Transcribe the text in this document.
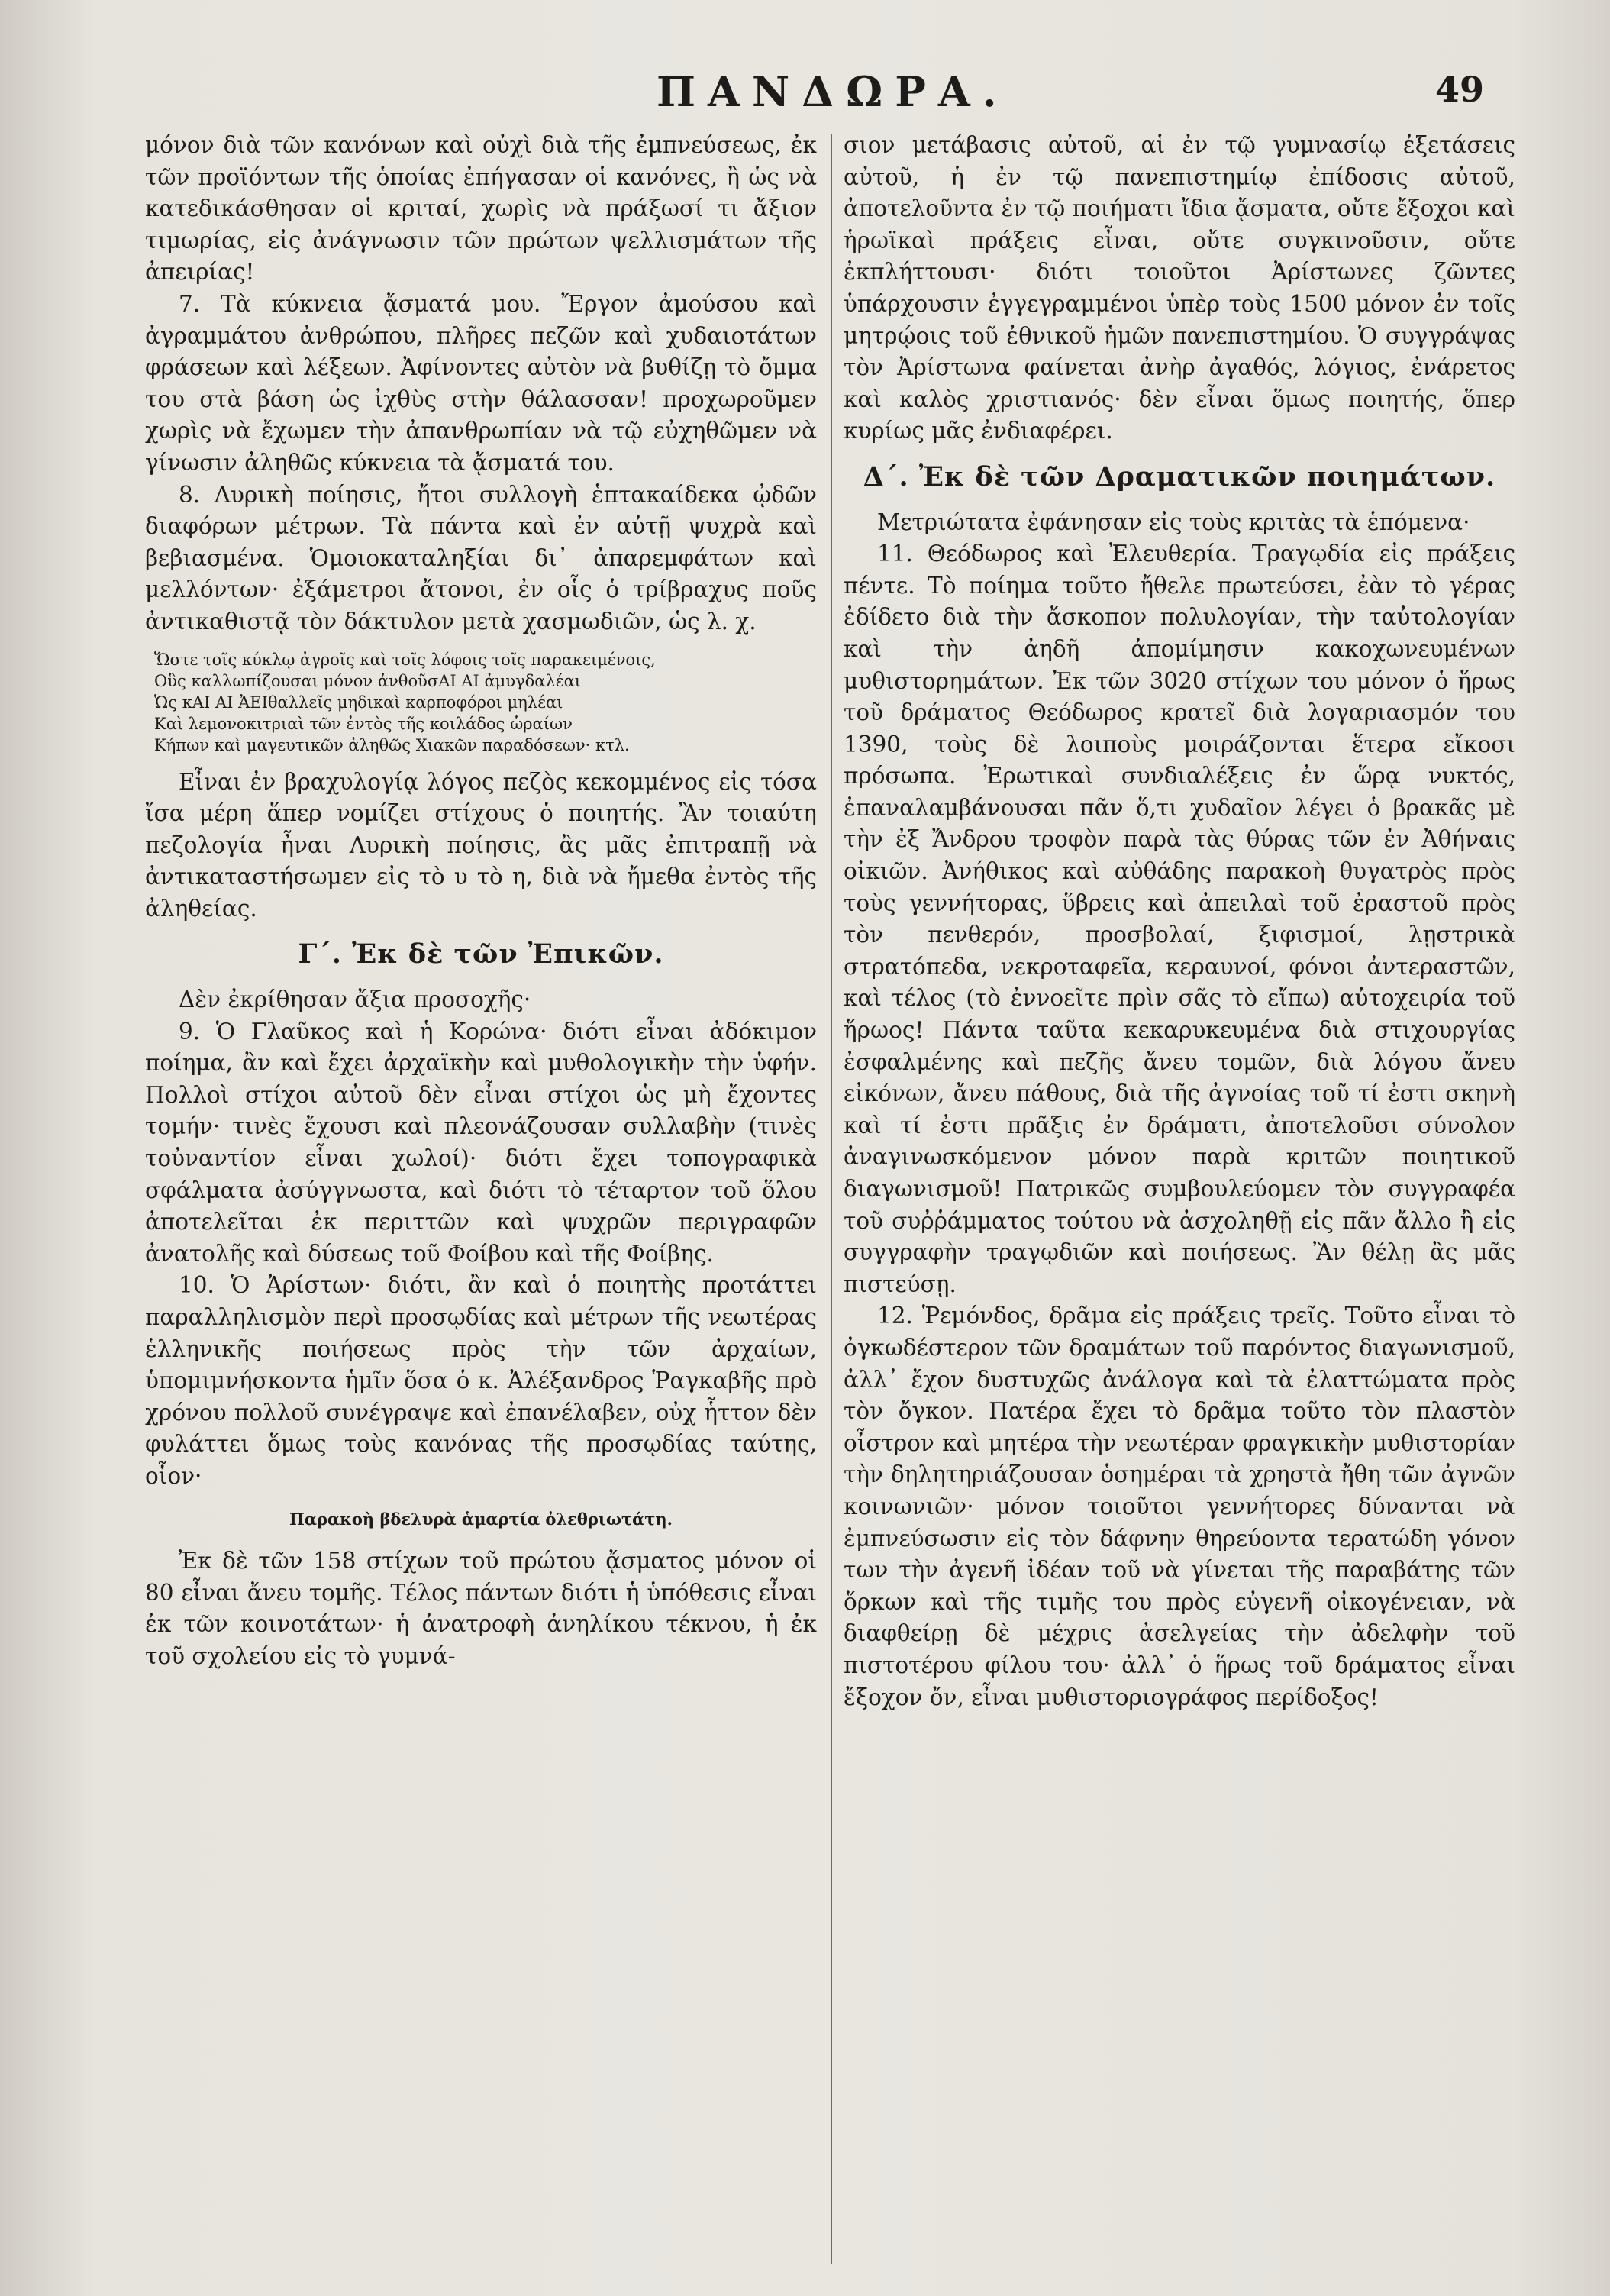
ΠΑΝΔΩΡΑ.	49

μόνον διὰ τῶν κανόνων καὶ οὐχὶ διὰ τῆς ἐμπνεύσεως, ἐκ τῶν προϊόντων τῆς ὁποίας ἐπήγασαν οἱ κανόνες, ἢ ὡς νὰ κατεδικάσθησαν οἱ κριταί, χωρὶς νὰ πράξωσί τι ἄξιον τιμωρίας, εἰς ἀνάγνωσιν τῶν πρώτων ψελλισμάτων τῆς ἀπειρίας!

7. Τὰ κύκνεια ᾄσματά μου. Ἔργον ἀμούσου καὶ ἀγραμμάτου ἀνθρώπου, πλῆρες πεζῶν καὶ χυδαιοτάτων φράσεων καὶ λέξεων. Ἀφίνοντες αὐτὸν νὰ βυθίζῃ τὸ ὄμμα του στὰ βάση ὡς ἰχθὺς στὴν θάλασσαν! προχωροῦμεν χωρὶς νὰ ἔχωμεν τὴν ἀπανθρωπίαν νὰ τῷ εὐχηθῶμεν νὰ γίνωσιν ἀληθῶς κύκνεια τὰ ᾄσματά του.

8. Λυρικὴ ποίησις, ἤτοι συλλογὴ ἑπτακαίδεκα ᾠδῶν διαφόρων μέτρων. Τὰ πάντα καὶ ἐν αὐτῇ ψυχρὰ καὶ βεβιασμένα. Ὁμοιοκαταληξίαι δι᾿ ἀπαρεμφάτων καὶ μελλόντων· ἐξάμετροι ἄτονοι, ἐν οἷς ὁ τρίβραχυς ποῦς ἀντικαθιστᾷ τὸν δάκτυλον μετὰ χασμωδιῶν, ὡς λ. χ.

Ὥστε τοῖς κύκλῳ ἀγροῖς καὶ τοῖς λόφοις τοῖς παρακειμένοις,
Οὓς καλλωπίζουσαι μόνον ἀνθοῦσΑΙ ΑΙ ἀμυγδαλέαι
Ὡς κΑΙ ΑΙ ἈΕΙθαλλεῖς μηδικαὶ καρποφόροι μηλέαι
Καὶ λεμονοκιτριαὶ τῶν ἐντὸς τῆς κοιλάδος ὡραίων
Κήπων καὶ μαγευτικῶν ἀληθῶς Χιακῶν παραδόσεων· κτλ.

Εἶναι ἐν βραχυλογίᾳ λόγος πεζὸς κεκομμένος εἰς τόσα ἴσα μέρη ἅπερ νομίζει στίχους ὁ ποιητής. Ἂν τοιαύτη πεζολογία ἦναι Λυρικὴ ποίησις, ἂς μᾶς ἐπιτραπῇ νὰ ἀντικαταστήσωμεν εἰς τὸ υ τὸ η, διὰ νὰ ἤμεθα ἐντὸς τῆς ἀληθείας.

Γ΄. Ἐκ δὲ τῶν Ἐπικῶν.

Δὲν ἐκρίθησαν ἄξια προσοχῆς·

9. Ὁ Γλαῦκος καὶ ἡ Κορώνα· διότι εἶναι ἀδόκιμον ποίημα, ἂν καὶ ἔχει ἀρχαϊκὴν καὶ μυθολογικὴν τὴν ὑφήν. Πολλοὶ στίχοι αὐτοῦ δὲν εἶναι στίχοι ὡς μὴ ἔχοντες τομήν· τινὲς ἔχουσι καὶ πλεονάζουσαν συλλαβὴν (τινὲς τοὐναντίον εἶναι χωλοί)· διότι ἔχει τοπογραφικὰ σφάλματα ἀσύγγνωστα, καὶ διότι τὸ τέταρτον τοῦ ὅλου ἀποτελεῖται ἐκ περιττῶν καὶ ψυχρῶν περιγραφῶν ἀνατολῆς καὶ δύσεως τοῦ Φοίβου καὶ τῆς Φοίβης.

10. Ὁ Ἀρίστων· διότι, ἂν καὶ ὁ ποιητὴς προτάττει παραλληλισμὸν περὶ προσῳδίας καὶ μέτρων τῆς νεωτέρας ἑλληνικῆς ποιήσεως πρὸς τὴν τῶν ἀρχαίων, ὑπομιμνήσκοντα ἡμῖν ὅσα ὁ κ. Ἀλέξανδρος Ῥαγκαβῆς πρὸ χρόνου πολλοῦ συνέγραψε καὶ ἐπανέλαβεν, οὐχ ἧττον δὲν φυλάττει ὅμως τοὺς κανόνας τῆς προσῳδίας ταύτης, οἷον·

Παρακοὴ βδελυρὰ ἁμαρτία ὀλεθριωτάτη.

Ἐκ δὲ τῶν 158 στίχων τοῦ πρώτου ᾄσματος μόνον οἱ 80 εἶναι ἄνευ τομῆς. Τέλος πάντων διότι ἡ ὑπόθεσις εἶναι ἐκ τῶν κοινοτάτων· ἡ ἀνατροφὴ ἀνηλίκου τέκνου, ἡ ἐκ τοῦ σχολείου εἰς τὸ γυμνά-

σιον μετάβασις αὐτοῦ, αἱ ἐν τῷ γυμνασίῳ ἐξετάσεις αὐτοῦ, ἡ ἐν τῷ πανεπιστημίῳ ἐπίδοσις αὐτοῦ, ἀποτελοῦντα ἐν τῷ ποιήματι ἴδια ᾄσματα, οὔτε ἔξοχοι καὶ ἡρωϊκαὶ πράξεις εἶναι, οὔτε συγκινοῦσιν, οὔτε ἐκπλήττουσι· διότι τοιοῦτοι Ἀρίστωνες ζῶντες ὑπάρχουσιν ἐγγεγραμμένοι ὑπὲρ τοὺς 1500 μόνον ἐν τοῖς μητρῴοις τοῦ ἐθνικοῦ ἡμῶν πανεπιστημίου. Ὁ συγγράψας τὸν Ἀρίστωνα φαίνεται ἀνὴρ ἀγαθός, λόγιος, ἐνάρετος καὶ καλὸς χριστιανός· δὲν εἶναι ὅμως ποιητής, ὅπερ κυρίως μᾶς ἐνδιαφέρει.

Δ΄. Ἐκ δὲ τῶν Δραματικῶν ποιημάτων.

Μετριώτατα ἐφάνησαν εἰς τοὺς κριτὰς τὰ ἑπόμενα·

11. Θεόδωρος καὶ Ἐλευθερία. Τραγῳδία εἰς πράξεις πέντε. Τὸ ποίημα τοῦτο ἤθελε πρωτεύσει, ἐὰν τὸ γέρας ἐδίδετο διὰ τὴν ἄσκοπον πολυλογίαν, τὴν ταὐτολογίαν καὶ τὴν ἀηδῆ ἀπομίμησιν κακοχωνευμένων μυθιστορημάτων. Ἐκ τῶν 3020 στίχων του μόνον ὁ ἥρως τοῦ δράματος Θεόδωρος κρατεῖ διὰ λογαριασμόν του 1390, τοὺς δὲ λοιποὺς μοιράζονται ἕτερα εἴκοσι πρόσωπα. Ἐρωτικαὶ συνδιαλέξεις ἐν ὥρᾳ νυκτός, ἐπαναλαμβάνουσαι πᾶν ὅ,τι χυδαῖον λέγει ὁ βρακᾶς μὲ τὴν ἐξ Ἄνδρου τροφὸν παρὰ τὰς θύρας τῶν ἐν Ἀθήναις οἰκιῶν. Ἀνήθικος καὶ αὐθάδης παρακοὴ θυγατρὸς πρὸς τοὺς γεννήτορας, ὕβρεις καὶ ἀπειλαὶ τοῦ ἐραστοῦ πρὸς τὸν πενθερόν, προσβολαί, ξιφισμοί, λῃστρικὰ στρατόπεδα, νεκροταφεῖα, κεραυνοί, φόνοι ἀντεραστῶν, καὶ τέλος (τὸ ἐννοεῖτε πρὶν σᾶς τὸ εἴπω) αὐτοχειρία τοῦ ἥρωος! Πάντα ταῦτα κεκαρυκευμένα διὰ στιχουργίας ἐσφαλμένης καὶ πεζῆς ἄνευ τομῶν, διὰ λόγου ἄνευ εἰκόνων, ἄνευ πάθους, διὰ τῆς ἀγνοίας τοῦ τί ἐστι σκηνὴ καὶ τί ἐστι πρᾶξις ἐν δράματι, ἀποτελοῦσι σύνολον ἀναγινωσκόμενον μόνον παρὰ κριτῶν ποιητικοῦ διαγωνισμοῦ! Πατρικῶς συμβουλεύομεν τὸν συγγραφέα τοῦ συῤῥάμματος τούτου νὰ ἀσχοληθῇ εἰς πᾶν ἄλλο ἢ εἰς συγγραφὴν τραγῳδιῶν καὶ ποιήσεως. Ἂν θέλῃ ἂς μᾶς πιστεύσῃ.

12. Ῥεμόνδος, δρᾶμα εἰς πράξεις τρεῖς. Τοῦτο εἶναι τὸ ὀγκωδέστερον τῶν δραμάτων τοῦ παρόντος διαγωνισμοῦ, ἀλλ᾿ ἔχον δυστυχῶς ἀνάλογα καὶ τὰ ἐλαττώματα πρὸς τὸν ὄγκον. Πατέρα ἔχει τὸ δρᾶμα τοῦτο τὸν πλαστὸν οἶστρον καὶ μητέρα τὴν νεωτέραν φραγκικὴν μυθιστορίαν τὴν δηλητηριάζουσαν ὁσημέραι τὰ χρηστὰ ἤθη τῶν ἀγνῶν κοινωνιῶν· μόνον τοιοῦτοι γεννήτορες δύνανται νὰ ἐμπνεύσωσιν εἰς τὸν δάφνην θηρεύοντα τερατώδη γόνον των τὴν ἀγενῆ ἰδέαν τοῦ νὰ γίνεται τῆς παραβάτης τῶν ὅρκων καὶ τῆς τιμῆς του πρὸς εὐγενῆ οἰκογένειαν, νὰ διαφθείρῃ δὲ μέχρις ἀσελγείας τὴν ἀδελφὴν τοῦ πιστοτέρου φίλου του· ἀλλ᾿ ὁ ἥρως τοῦ δράματος εἶναι ἔξοχον ὄν, εἶναι μυθιστοριογράφος περίδοξος!
